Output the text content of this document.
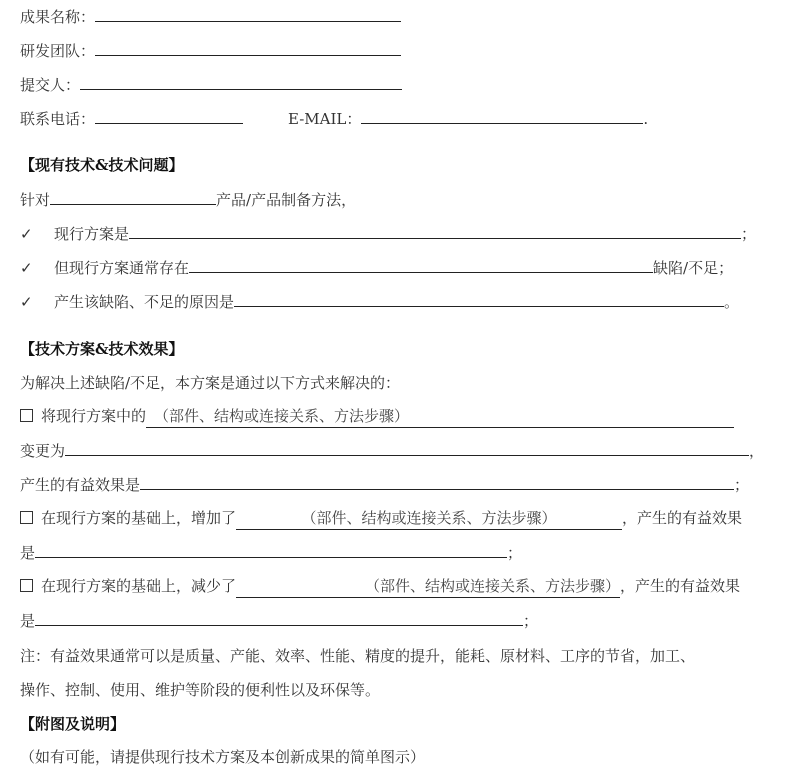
成果名称：
研发团队：
提交人：
联系电话：	E-MAIL：	.
【现有技术&技术问题】
针对	产品/产品制备方法，
✓ 现行方案是	；
✓ 但现行方案通常存在	缺陷/不足；
✓ 产生该缺陷、不足的原因是	。
【技术方案&技术效果】
为解决上述缺陷/不足，本方案是通过以下方式来解决的：
将现行方案中的 （部件、结构或连接关系、方法步骤）
变更为	，
产生的有益效果是	；
在现行方案的基础上，增加了	（部件、结构或连接关系、方法步骤）	，产生的有益效果
是	；
在现行方案的基础上，减少了	（部件、结构或连接关系、方法步骤），产生的有益效果
是	；
注：有益效果通常可以是质量、产能、效率、性能、精度的提升，能耗、原材料、工序的节省，加工、
操作、控制、使用、维护等阶段的便利性以及环保等。
【附图及说明】
（如有可能，请提供现行技术方案及本创新成果的简单图示）
